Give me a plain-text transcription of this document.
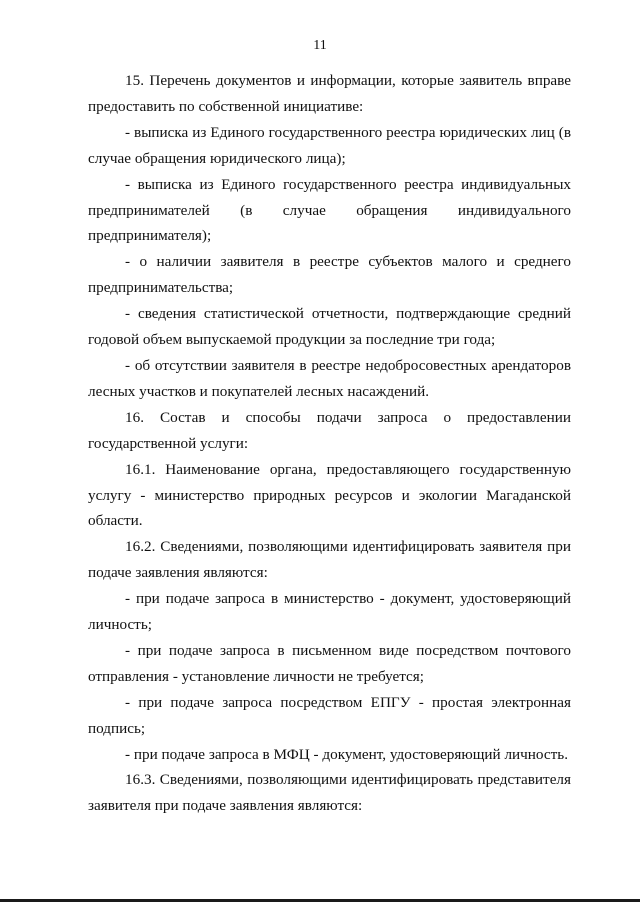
11

15. Перечень документов и информации, которые заявитель вправе предоставить по собственной инициативе:

- выписка из Единого государственного реестра юридических лиц (в случае обращения юридического лица);

- выписка из Единого государственного реестра индивидуальных предпринимателей (в случае обращения индивидуального предпринимателя);

- о наличии заявителя в реестре субъектов малого и среднего предпринимательства;

- сведения статистической отчетности, подтверждающие средний годовой объем выпускаемой продукции за последние три года;

- об отсутствии заявителя в реестре недобросовестных арендаторов лесных участков и покупателей лесных насаждений.

16. Состав и способы подачи запроса о предоставлении государственной услуги:

16.1. Наименование органа, предоставляющего государственную услугу - министерство природных ресурсов и экологии Магаданской области.

16.2. Сведениями, позволяющими идентифицировать заявителя при подаче заявления являются:

- при подаче запроса в министерство - документ, удостоверяющий личность;

- при подаче запроса в письменном виде посредством почтового отправления - установление личности не требуется;

- при подаче запроса посредством ЕПГУ - простая электронная подпись;

- при подаче запроса в МФЦ - документ, удостоверяющий личность.

16.3. Сведениями, позволяющими идентифицировать представителя заявителя при подаче заявления являются:
